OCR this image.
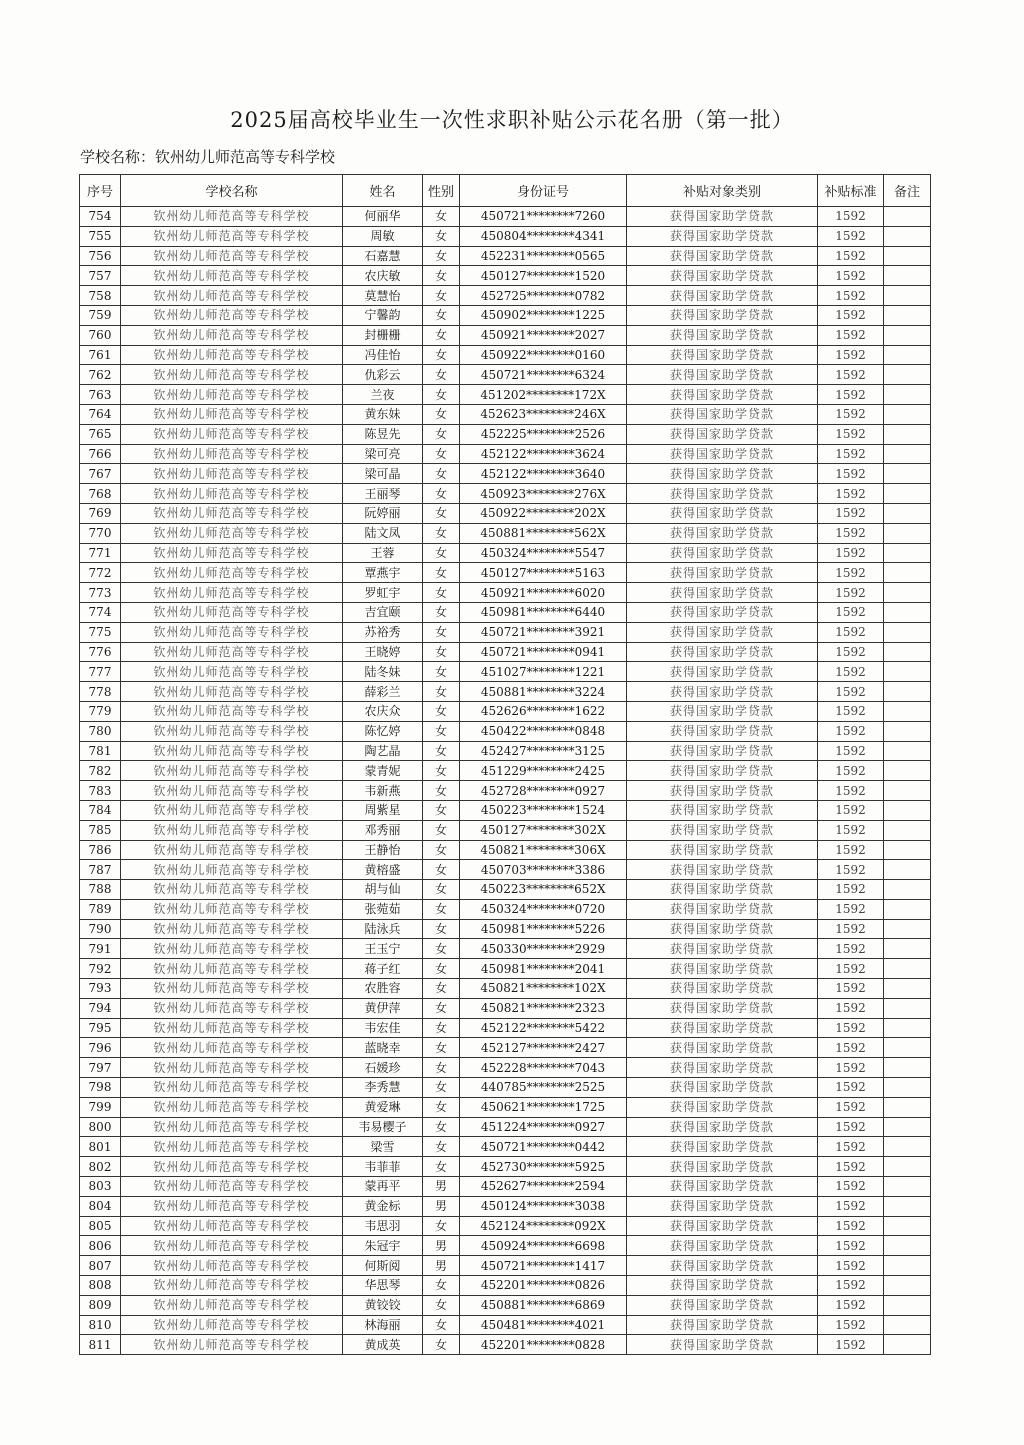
2025届高校毕业生一次性求职补贴公示花名册（第一批）
学校名称：钦州幼儿师范高等专科学校
序号	学校名称	姓名	性别	身份证号	补贴对象类别	补贴标准	备注
754	钦州幼儿师范高等专科学校	何丽华	女	450721********7260	获得国家助学贷款	1592	
755	钦州幼儿师范高等专科学校	周敏	女	450804********4341	获得国家助学贷款	1592	
756	钦州幼儿师范高等专科学校	石嘉慧	女	452231********0565	获得国家助学贷款	1592	
757	钦州幼儿师范高等专科学校	农庆敏	女	450127********1520	获得国家助学贷款	1592	
758	钦州幼儿师范高等专科学校	莫慧怡	女	452725********0782	获得国家助学贷款	1592	
759	钦州幼儿师范高等专科学校	宁馨韵	女	450902********1225	获得国家助学贷款	1592	
760	钦州幼儿师范高等专科学校	封栅栅	女	450921********2027	获得国家助学贷款	1592	
761	钦州幼儿师范高等专科学校	冯佳怡	女	450922********0160	获得国家助学贷款	1592	
762	钦州幼儿师范高等专科学校	仇彩云	女	450721********6324	获得国家助学贷款	1592	
763	钦州幼儿师范高等专科学校	兰夜	女	451202********172X	获得国家助学贷款	1592	
764	钦州幼儿师范高等专科学校	黄东妹	女	452623********246X	获得国家助学贷款	1592	
765	钦州幼儿师范高等专科学校	陈昱先	女	452225********2526	获得国家助学贷款	1592	
766	钦州幼儿师范高等专科学校	梁可亮	女	452122********3624	获得国家助学贷款	1592	
767	钦州幼儿师范高等专科学校	梁可晶	女	452122********3640	获得国家助学贷款	1592	
768	钦州幼儿师范高等专科学校	王丽琴	女	450923********276X	获得国家助学贷款	1592	
769	钦州幼儿师范高等专科学校	阮婷丽	女	450922********202X	获得国家助学贷款	1592	
770	钦州幼儿师范高等专科学校	陆文凤	女	450881********562X	获得国家助学贷款	1592	
771	钦州幼儿师范高等专科学校	王蓉	女	450324********5547	获得国家助学贷款	1592	
772	钦州幼儿师范高等专科学校	覃燕宇	女	450127********5163	获得国家助学贷款	1592	
773	钦州幼儿师范高等专科学校	罗虹宇	女	450921********6020	获得国家助学贷款	1592	
774	钦州幼儿师范高等专科学校	吉宜颐	女	450981********6440	获得国家助学贷款	1592	
775	钦州幼儿师范高等专科学校	苏裕秀	女	450721********3921	获得国家助学贷款	1592	
776	钦州幼儿师范高等专科学校	王晓婷	女	450721********0941	获得国家助学贷款	1592	
777	钦州幼儿师范高等专科学校	陆冬妹	女	451027********1221	获得国家助学贷款	1592	
778	钦州幼儿师范高等专科学校	薛彩兰	女	450881********3224	获得国家助学贷款	1592	
779	钦州幼儿师范高等专科学校	农庆众	女	452626********1622	获得国家助学贷款	1592	
780	钦州幼儿师范高等专科学校	陈忆婷	女	450422********0848	获得国家助学贷款	1592	
781	钦州幼儿师范高等专科学校	陶艺晶	女	452427********3125	获得国家助学贷款	1592	
782	钦州幼儿师范高等专科学校	蒙青妮	女	451229********2425	获得国家助学贷款	1592	
783	钦州幼儿师范高等专科学校	韦新燕	女	452728********0927	获得国家助学贷款	1592	
784	钦州幼儿师范高等专科学校	周紫星	女	450223********1524	获得国家助学贷款	1592	
785	钦州幼儿师范高等专科学校	邓秀丽	女	450127********302X	获得国家助学贷款	1592	
786	钦州幼儿师范高等专科学校	王静怡	女	450821********306X	获得国家助学贷款	1592	
787	钦州幼儿师范高等专科学校	黄榕盛	女	450703********3386	获得国家助学贷款	1592	
788	钦州幼儿师范高等专科学校	胡与仙	女	450223********652X	获得国家助学贷款	1592	
789	钦州幼儿师范高等专科学校	张菀茹	女	450324********0720	获得国家助学贷款	1592	
790	钦州幼儿师范高等专科学校	陆泳兵	女	450981********5226	获得国家助学贷款	1592	
791	钦州幼儿师范高等专科学校	王玉宁	女	450330********2929	获得国家助学贷款	1592	
792	钦州幼儿师范高等专科学校	蒋子红	女	450981********2041	获得国家助学贷款	1592	
793	钦州幼儿师范高等专科学校	农胜容	女	450821********102X	获得国家助学贷款	1592	
794	钦州幼儿师范高等专科学校	黄伊萍	女	450821********2323	获得国家助学贷款	1592	
795	钦州幼儿师范高等专科学校	韦宏佳	女	452122********5422	获得国家助学贷款	1592	
796	钦州幼儿师范高等专科学校	蓝晓幸	女	452127********2427	获得国家助学贷款	1592	
797	钦州幼儿师范高等专科学校	石媛珍	女	452228********7043	获得国家助学贷款	1592	
798	钦州幼儿师范高等专科学校	李秀慧	女	440785********2525	获得国家助学贷款	1592	
799	钦州幼儿师范高等专科学校	黄爱琳	女	450621********1725	获得国家助学贷款	1592	
800	钦州幼儿师范高等专科学校	韦易樱子	女	451224********0927	获得国家助学贷款	1592	
801	钦州幼儿师范高等专科学校	梁雪	女	450721********0442	获得国家助学贷款	1592	
802	钦州幼儿师范高等专科学校	韦菲菲	女	452730********5925	获得国家助学贷款	1592	
803	钦州幼儿师范高等专科学校	蒙再平	男	452627********2594	获得国家助学贷款	1592	
804	钦州幼儿师范高等专科学校	黄金标	男	450124********3038	获得国家助学贷款	1592	
805	钦州幼儿师范高等专科学校	韦思羽	女	452124********092X	获得国家助学贷款	1592	
806	钦州幼儿师范高等专科学校	朱冠宇	男	450924********6698	获得国家助学贷款	1592	
807	钦州幼儿师范高等专科学校	何斯阅	男	450721********1417	获得国家助学贷款	1592	
808	钦州幼儿师范高等专科学校	华思琴	女	452201********0826	获得国家助学贷款	1592	
809	钦州幼儿师范高等专科学校	黄铰铰	女	450881********6869	获得国家助学贷款	1592	
810	钦州幼儿师范高等专科学校	林海丽	女	450481********4021	获得国家助学贷款	1592	
811	钦州幼儿师范高等专科学校	黄成英	女	452201********0828	获得国家助学贷款	1592	
